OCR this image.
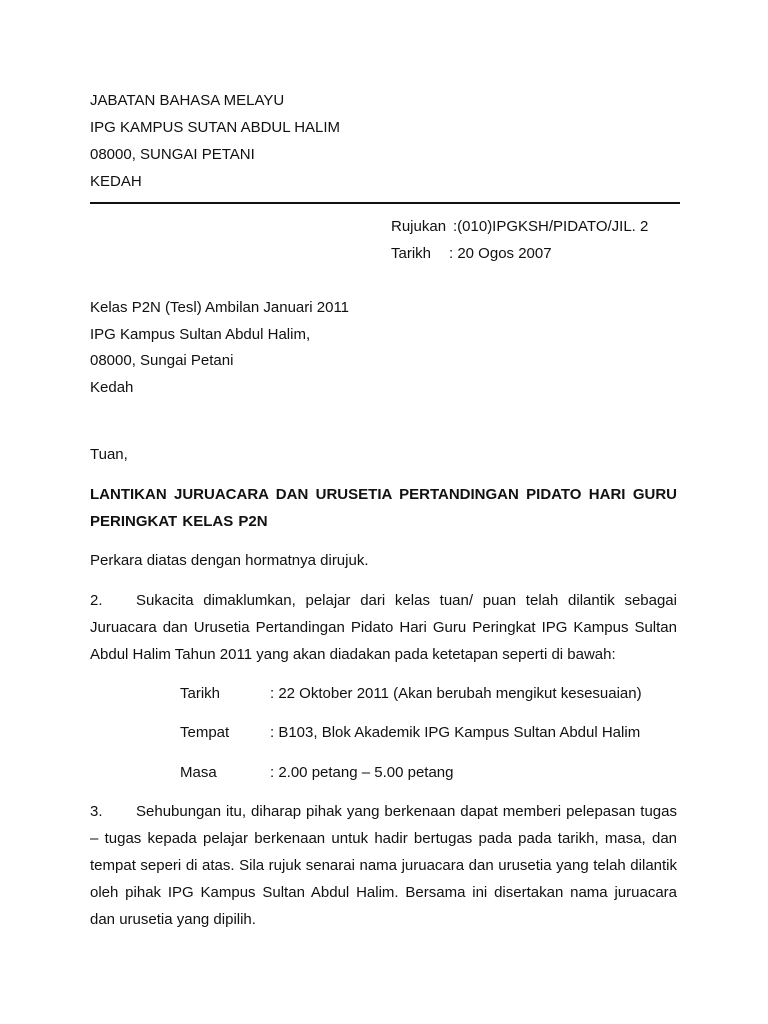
JABATAN BAHASA MELAYU
IPG KAMPUS SUTAN ABDUL HALIM
08000, SUNGAI PETANI
KEDAH
Rujukan :(010)IPGKSH/PIDATO/JIL. 2
Tarikh : 20 Ogos 2007
Kelas P2N (Tesl) Ambilan Januari 2011
IPG Kampus Sultan Abdul Halim,
08000, Sungai Petani
Kedah
Tuan,
LANTIKAN JURUACARA DAN URUSETIA PERTANDINGAN PIDATO HARI GURU
PERINGKAT KELAS P2N
Perkara diatas dengan hormatnya dirujuk.
2. Sukacita dimaklumkan, pelajar dari kelas tuan/ puan telah dilantik sebagai
Juruacara dan Urusetia Pertandingan Pidato Hari Guru Peringkat IPG Kampus Sultan
Abdul Halim Tahun 2011 yang akan diadakan pada ketetapan seperti di bawah:
Tarikh	: 22 Oktober 2011 (Akan berubah mengikut kesesuaian)
Tempat	: B103, Blok Akademik IPG Kampus Sultan Abdul Halim
Masa	: 2.00 petang – 5.00 petang
3. Sehubungan itu, diharap pihak yang berkenaan dapat memberi pelepasan tugas
– tugas kepada pelajar berkenaan untuk hadir bertugas pada pada tarikh, masa, dan
tempat seperi di atas. Sila rujuk senarai nama juruacara dan urusetia yang telah dilantik
oleh pihak IPG Kampus Sultan Abdul Halim. Bersama ini disertakan nama juruacara
dan urusetia yang dipilih.
